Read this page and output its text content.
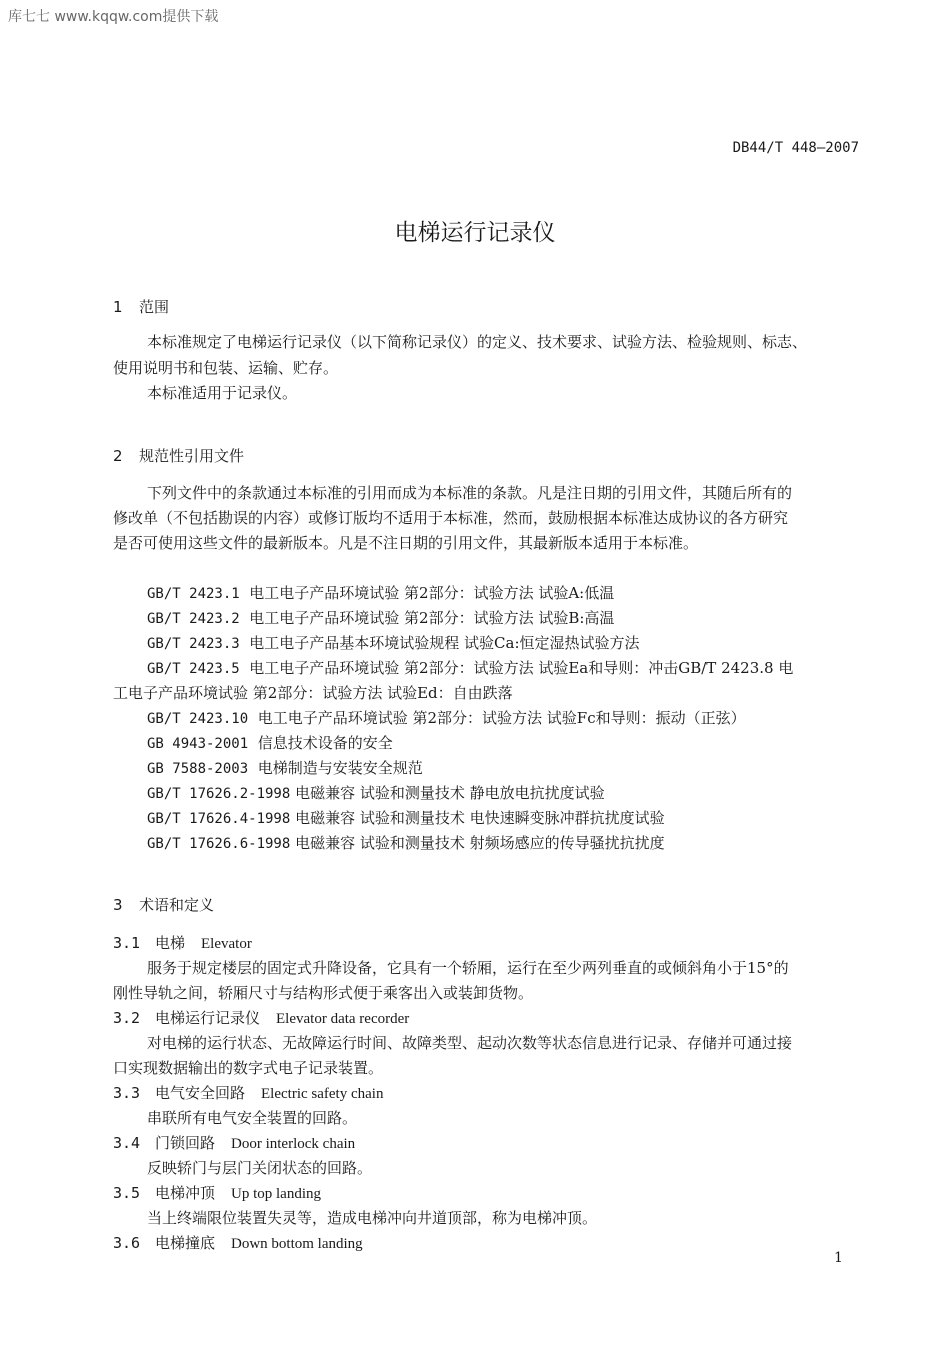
库七七 www.kqqw.com提供下载
DB44/T 448—2007
电梯运行记录仪
1 范围
本标准规定了电梯运行记录仪（以下简称记录仪）的定义、技术要求、试验方法、检验规则、标志、
使用说明书和包装、运输、贮存。
本标准适用于记录仪。
2 规范性引用文件
下列文件中的条款通过本标准的引用而成为本标准的条款。凡是注日期的引用文件，其随后所有的
修改单（不包括勘误的内容）或修订版均不适用于本标准，然而，鼓励根据本标准达成协议的各方研究
是否可使用这些文件的最新版本。凡是不注日期的引用文件，其最新版本适用于本标准。
GB/T 2423.1 电工电子产品环境试验 第2部分：试验方法 试验A:低温
GB/T 2423.2 电工电子产品环境试验 第2部分：试验方法 试验B:高温
GB/T 2423.3 电工电子产品基本环境试验规程 试验Ca:恒定湿热试验方法
GB/T 2423.5 电工电子产品环境试验 第2部分：试验方法 试验Ea和导则：冲击GB/T 2423.8 电
工电子产品环境试验 第2部分：试验方法 试验Ed：自由跌落
GB/T 2423.10 电工电子产品环境试验 第2部分：试验方法 试验Fc和导则：振动（正弦）
GB 4943-2001 信息技术设备的安全
GB 7588-2003 电梯制造与安装安全规范
GB/T 17626.2-1998 电磁兼容 试验和测量技术 静电放电抗扰度试验
GB/T 17626.4-1998 电磁兼容 试验和测量技术 电快速瞬变脉冲群抗扰度试验
GB/T 17626.6-1998 电磁兼容 试验和测量技术 射频场感应的传导骚扰抗扰度
3 术语和定义
3.1 电梯 Elevator
服务于规定楼层的固定式升降设备，它具有一个轿厢，运行在至少两列垂直的或倾斜角小于15°的
刚性导轨之间，轿厢尺寸与结构形式便于乘客出入或装卸货物。
3.2 电梯运行记录仪 Elevator data recorder
对电梯的运行状态、无故障运行时间、故障类型、起动次数等状态信息进行记录、存储并可通过接
口实现数据输出的数字式电子记录装置。
3.3 电气安全回路 Electric safety chain
串联所有电气安全装置的回路。
3.4 门锁回路 Door interlock chain
反映轿门与层门关闭状态的回路。
3.5 电梯冲顶 Up top landing
当上终端限位装置失灵等，造成电梯冲向井道顶部，称为电梯冲顶。
3.6 电梯撞底 Down bottom landing
1
